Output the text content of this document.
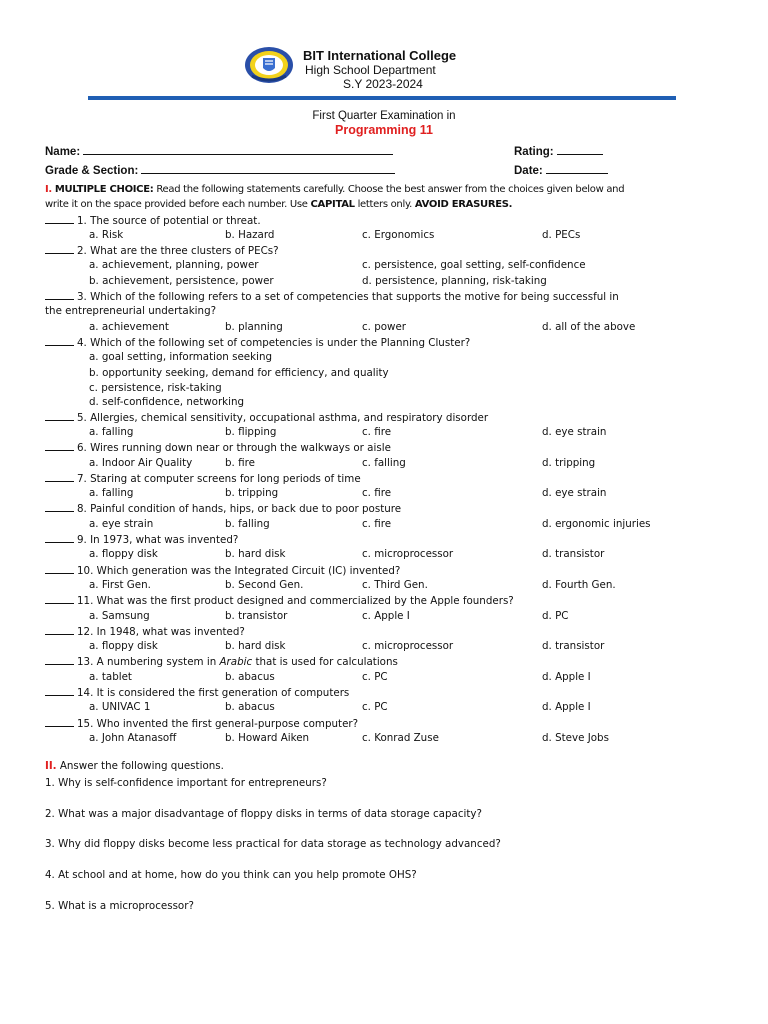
BIT International College
High School Department
S.Y 2023-2024
First Quarter Examination in
Programming 11
Name:	Rating:
Grade & Section:	Date:
I. MULTIPLE CHOICE: Read the following statements carefully. Choose the best answer from the choices given below and
write it on the space provided before each number. Use CAPITAL letters only. AVOID ERASURES.
1. The source of potential or threat.
a. Risk	b. Hazard	c. Ergonomics	d. PECs
2. What are the three clusters of PECs?
a. achievement, planning, power	c. persistence, goal setting, self-confidence
b. achievement, persistence, power	d. persistence, planning, risk-taking
3. Which of the following refers to a set of competencies that supports the motive for being successful in
the entrepreneurial undertaking?
a. achievement	b. planning	c. power	d. all of the above
4. Which of the following set of competencies is under the Planning Cluster?
a. goal setting, information seeking
b. opportunity seeking, demand for efficiency, and quality
c. persistence, risk-taking
d. self-confidence, networking
5. Allergies, chemical sensitivity, occupational asthma, and respiratory disorder
a. falling	b. flipping	c. fire	d. eye strain
6. Wires running down near or through the walkways or aisle
a. Indoor Air Quality	b. fire	c. falling	d. tripping
7. Staring at computer screens for long periods of time
a. falling	b. tripping	c. fire	d. eye strain
8. Painful condition of hands, hips, or back due to poor posture
a. eye strain	b. falling	c. fire	d. ergonomic injuries
9. In 1973, what was invented?
a. floppy disk	b. hard disk	c. microprocessor	d. transistor
10. Which generation was the Integrated Circuit (IC) invented?
a. First Gen.	b. Second Gen.	c. Third Gen.	d. Fourth Gen.
11. What was the first product designed and commercialized by the Apple founders?
a. Samsung	b. transistor	c. Apple I	d. PC
12. In 1948, what was invented?
a. floppy disk	b. hard disk	c. microprocessor	d. transistor
13. A numbering system in Arabic that is used for calculations
a. tablet	b. abacus	c. PC	d. Apple I
14. It is considered the first generation of computers
a. UNIVAC 1	b. abacus	c. PC	d. Apple I
15. Who invented the first general-purpose computer?
a. John Atanasoff	b. Howard Aiken	c. Konrad Zuse	d. Steve Jobs
II. Answer the following questions.
1. Why is self-confidence important for entrepreneurs?
2. What was a major disadvantage of floppy disks in terms of data storage capacity?
3. Why did floppy disks become less practical for data storage as technology advanced?
4. At school and at home, how do you think can you help promote OHS?
5. What is a microprocessor?
